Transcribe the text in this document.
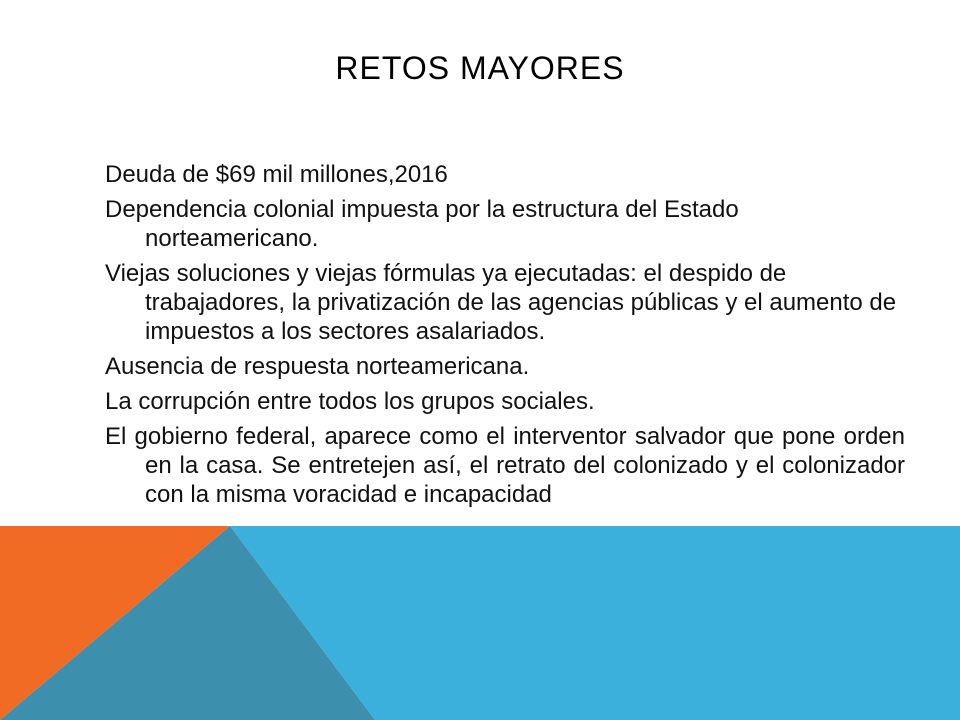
RETOS MAYORES
Deuda de $69 mil millones,2016
Dependencia colonial impuesta por la estructura del Estado norteamericano.
Viejas soluciones y viejas fórmulas ya ejecutadas: el despido de trabajadores, la privatización de las agencias públicas y el aumento de impuestos a los sectores asalariados.
Ausencia de respuesta norteamericana.
La corrupción entre todos los grupos sociales.
El gobierno federal, aparece como el interventor salvador que pone orden en la casa. Se entretejen así, el retrato del colonizado y el colonizador con la misma voracidad e incapacidad
